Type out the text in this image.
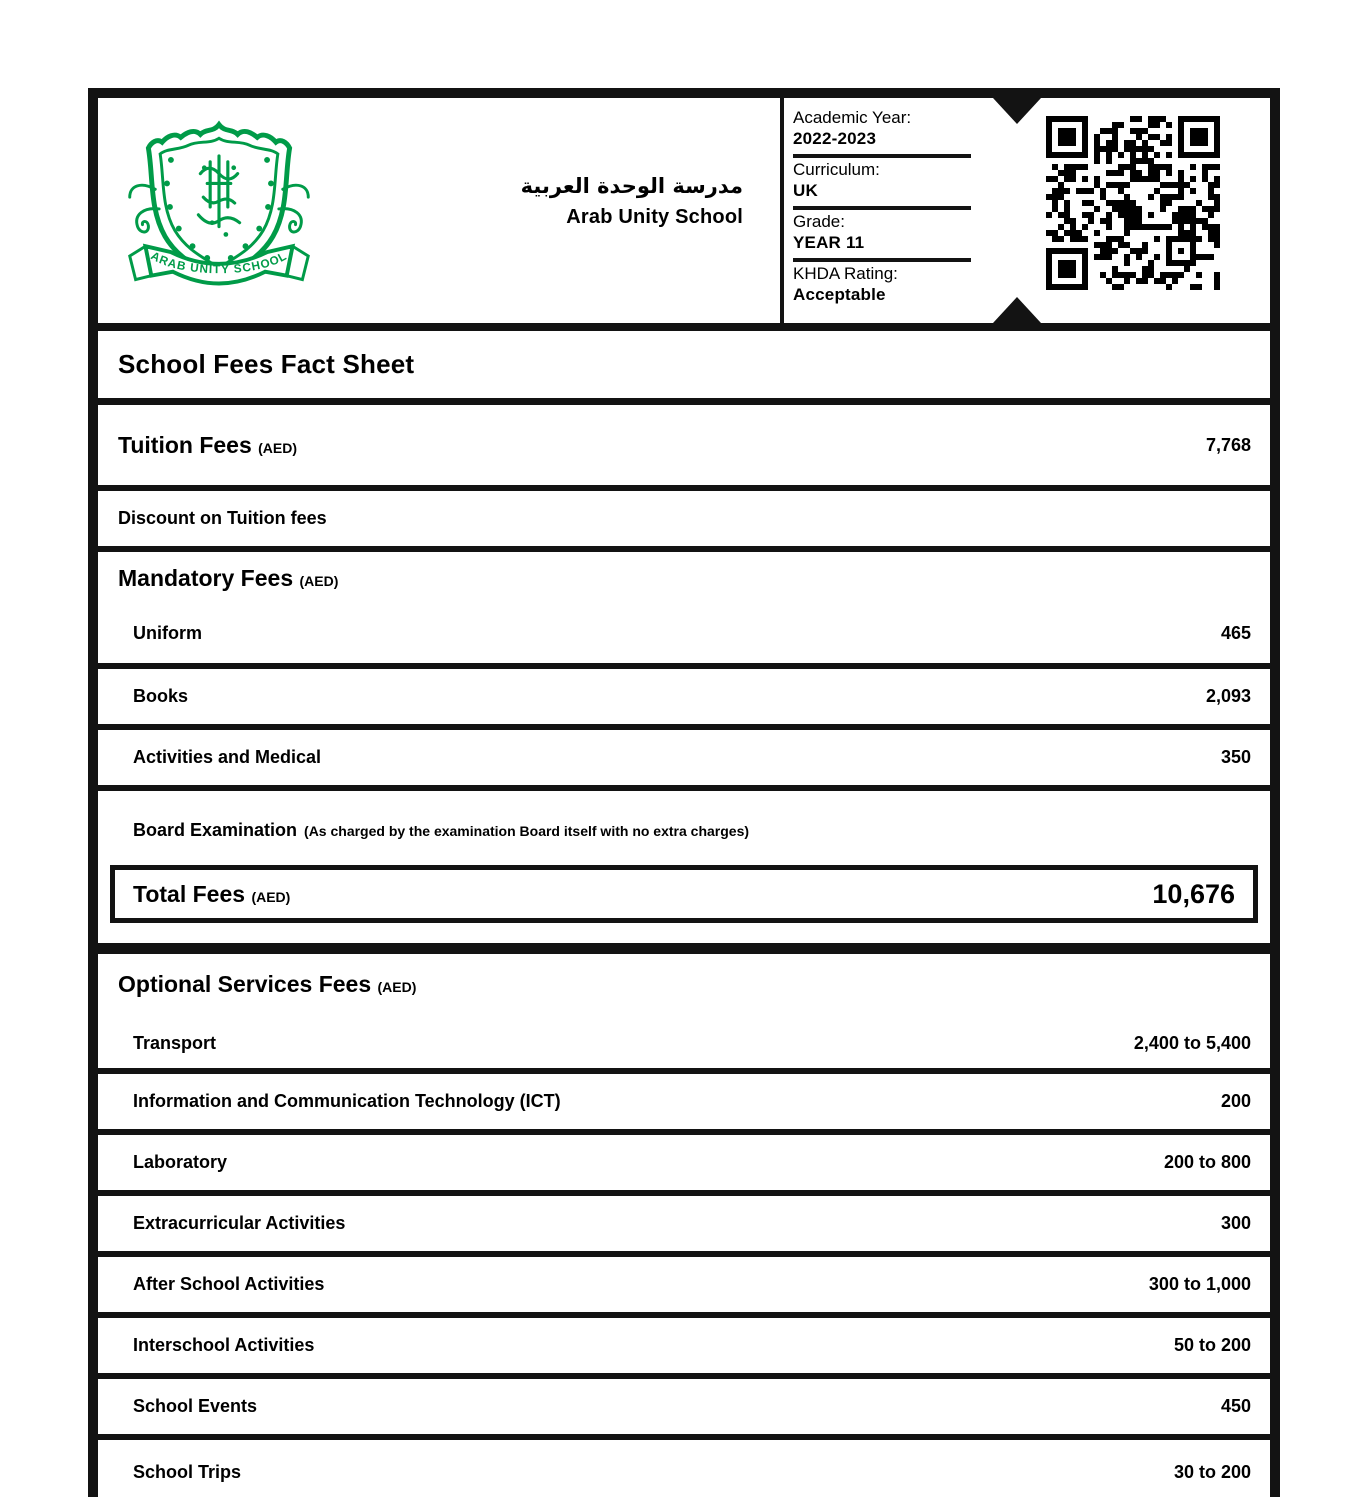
ARAB UNITY SCHOOL
مدرسة الوحدة العربية
Arab Unity School
Academic Year:
2022-2023
Curriculum:
UK
Grade:
YEAR 11
KHDA Rating:
Acceptable
School Fees Fact Sheet
Tuition Fees (AED)	7,768
Discount on Tuition fees
Mandatory Fees (AED)
Uniform	465
Books	2,093
Activities and Medical	350
Board Examination (As charged by the examination Board itself with no extra charges)
Total Fees (AED)	10,676
Optional Services Fees (AED)
Transport	2,400 to 5,400
Information and Communication Technology (ICT)	200
Laboratory	200 to 800
Extracurricular Activities	300
After School Activities	300 to 1,000
Interschool Activities	50 to 200
School Events	450
School Trips	30 to 200
